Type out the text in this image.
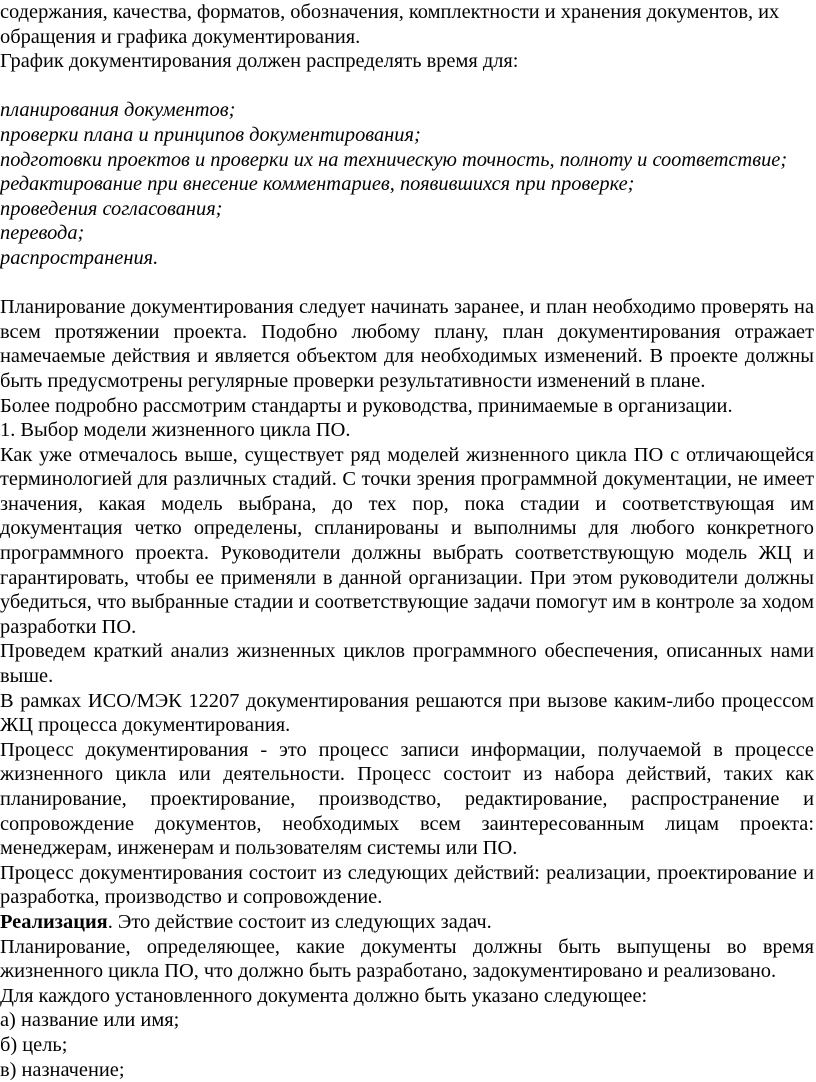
содержания, качества, форматов, обозначения, комплектности и хранения документов, их
обращения и графика документирования.

График документирования должен распределять время для:

планирования документов;
проверки плана и принципов документирования;
подготовки проектов и проверки их на техническую точность, полноту и соответствие;
редактирование при внесение комментариев, появившихся при проверке;
проведения согласования;
перевода;
распространения.

Планирование документирования следует начинать заранее, и план необходимо проверять на всем протяжении проекта. Подобно любому плану, план документирования отражает намечаемые действия и является объектом для необходимых изменений. В проекте должны быть предусмотрены регулярные проверки результативности изменений в плане.

Более подробно рассмотрим стандарты и руководства, принимаемые в организации.

1. Выбор модели жизненного цикла ПО.

Как уже отмечалось выше, существует ряд моделей жизненного цикла ПО с отличающейся терминологией для различных стадий. С точки зрения программной документации, не имеет значения, какая модель выбрана, до тех пор, пока стадии и соответствующая им документация четко определены, спланированы и выполнимы для любого конкретного программного проекта. Руководители должны выбрать соответствующую модель ЖЦ и гарантировать, чтобы ее применяли в данной организации. При этом руководители должны убедиться, что выбранные стадии и соответствующие задачи помогут им в контроле за ходом разработки ПО.

Проведем краткий анализ жизненных циклов программного обеспечения, описанных нами выше.

В рамках ИСО/МЭК 12207 документирования решаются при вызове каким-либо процессом ЖЦ процесса документирования.

Процесс документирования - это процесс записи информации, получаемой в процессе жизненного цикла или деятельности. Процесс состоит из набора действий, таких как планирование, проектирование, производство, редактирование, распространение и сопровождение документов, необходимых всем заинтересованным лицам проекта: менеджерам, инженерам и пользователям системы или ПО.

Процесс документирования состоит из следующих действий: реализации, проектирование и разработка, производство и сопровождение.

Реализация. Это действие состоит из следующих задач.

Планирование, определяющее, какие документы должны быть выпущены во время жизненного цикла ПО, что должно быть разработано, задокументировано и реализовано.

Для каждого установленного документа должно быть указано следующее:

а) название или имя;
б) цель;
в) назначение;
